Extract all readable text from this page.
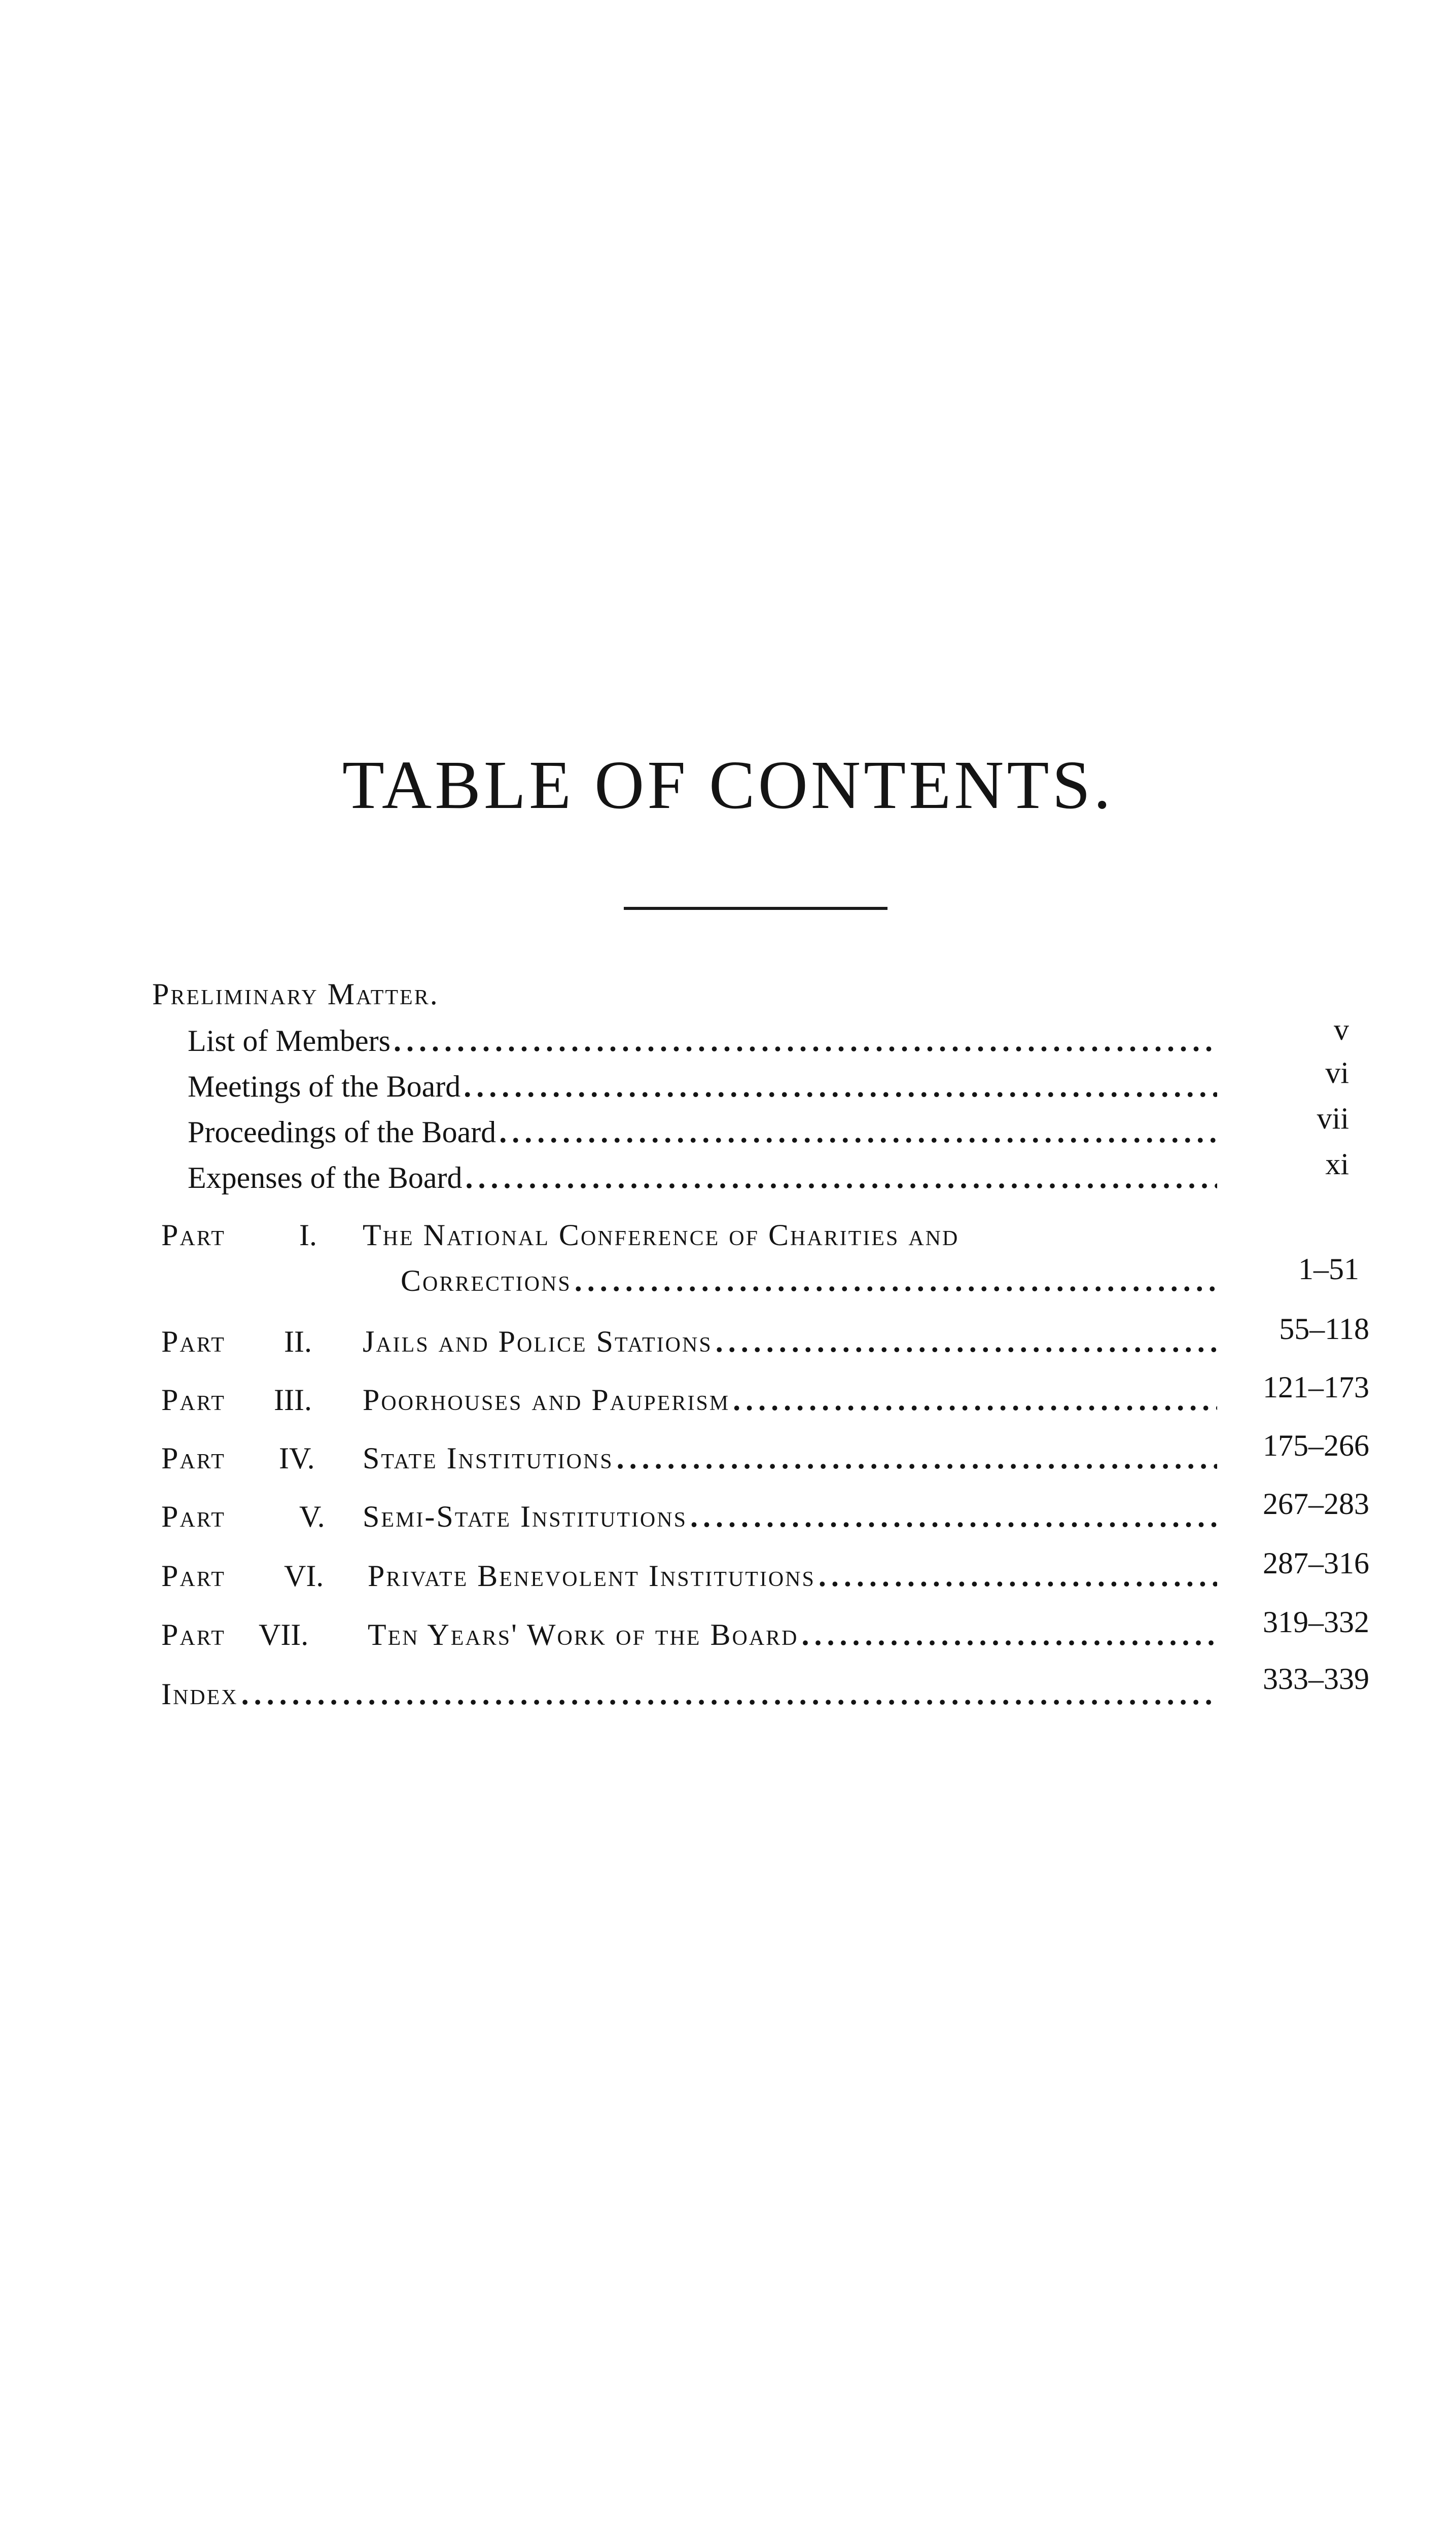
TABLE OF CONTENTS.
Preliminary Matter.
List of Members .....	v
Meetings of the Board .....	vi
Proceedings of the Board .....	vii
Expenses of the Board .....	xi
Part I. The National Conference of Charities and
Corrections .....	1–51
Part II. Jails and Police Stations .....	55–118
Part III. Poorhouses and Pauperism .....	121–173
Part IV. State Institutions .....	175–266
Part V. Semi-State Institutions .....	267–283
Part VI. Private Benevolent Institutions .....	287–316
Part VII. Ten Years' Work of the Board .....	319–332
Index .....	333–339
